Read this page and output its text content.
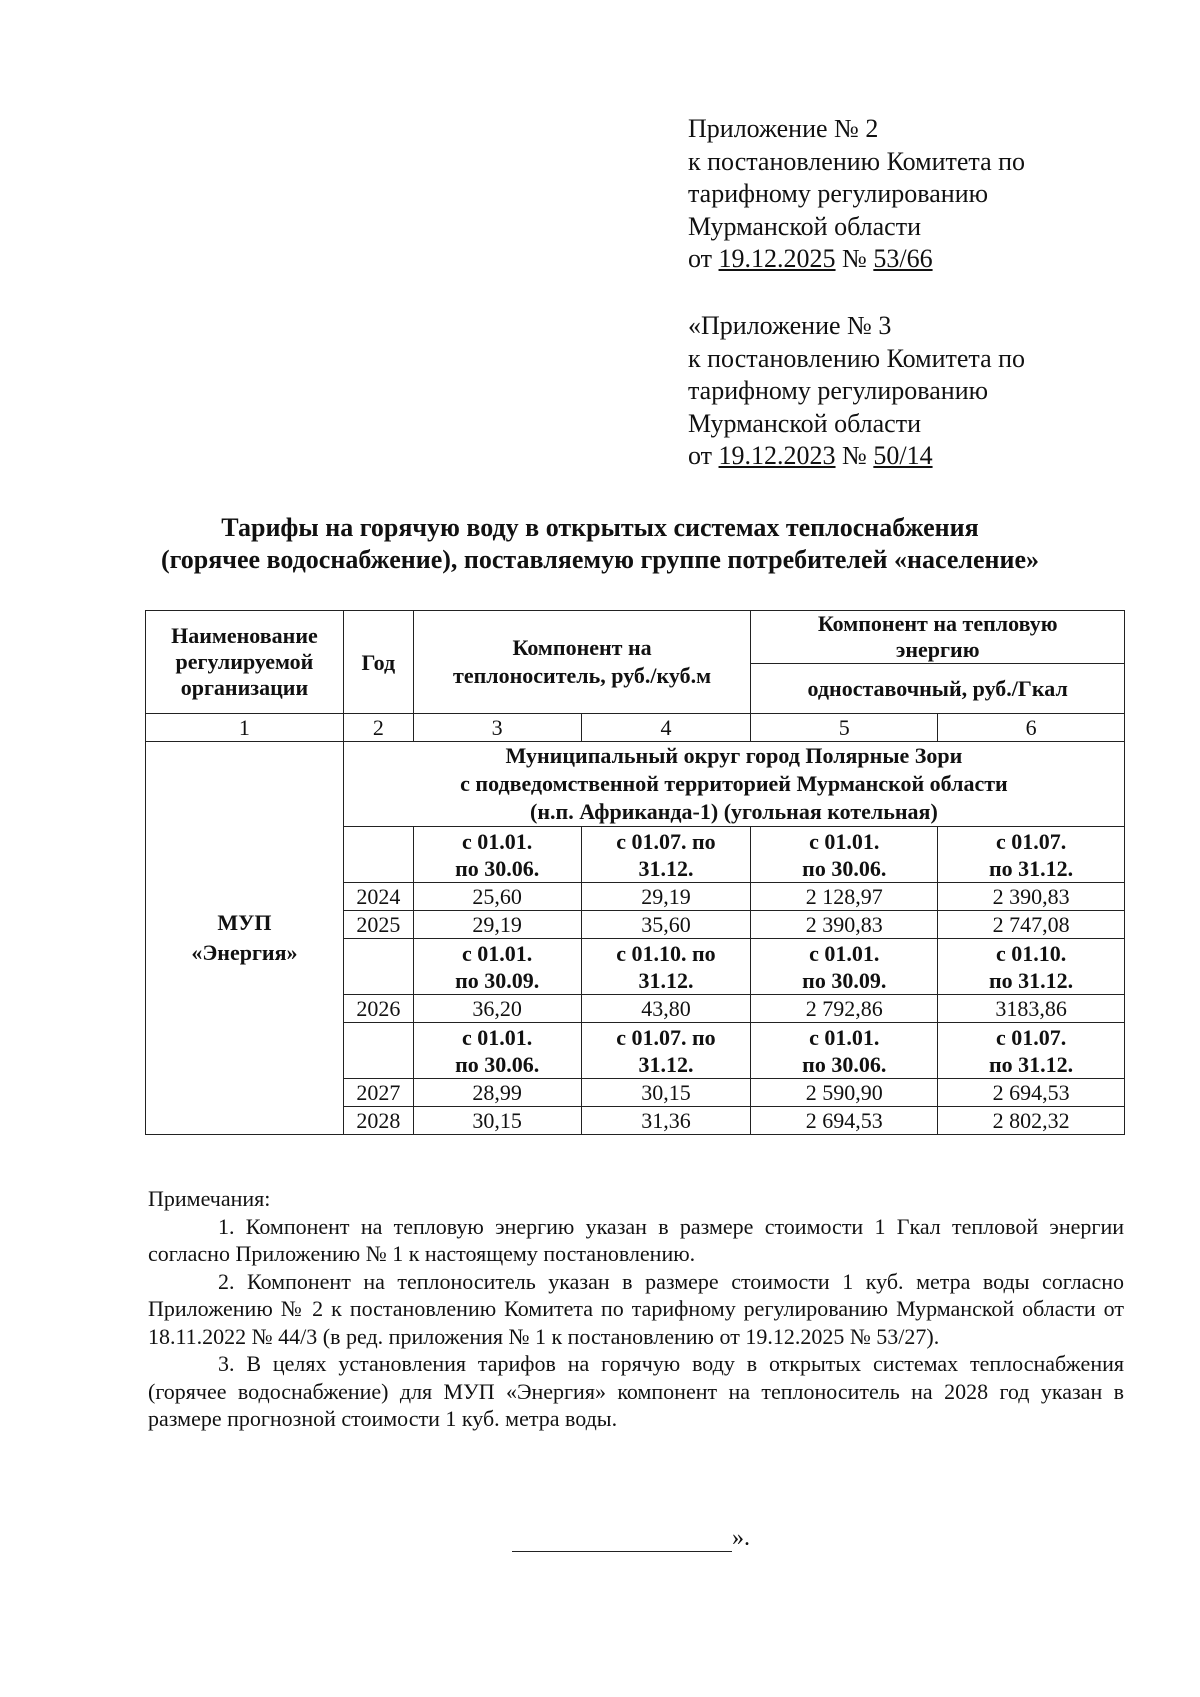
Приложение № 2
к постановлению Комитета по
тарифному регулированию
Мурманской области
от 19.12.2025 № 53/66
«Приложение № 3
к постановлению Комитета по
тарифному регулированию
Мурманской области
от 19.12.2023 № 50/14
Тарифы на горячую воду в открытых системах теплоснабжения
(горячее водоснабжение), поставляемую группе потребителей «население»
Наименование регулируемой организации	Год	Компонент на теплоноситель, руб./куб.м		Компонент на тепловую энергию	
				одноставочный, руб./Гкал	
1	2	3	4	5	6
МУП «Энергия»	Муниципальный округ город Полярные Зори
с подведомственной территорией Мурманской области
(н.п. Африканда-1) (угольная котельная)				

		с 01.01. по 30.06.	с 01.07. по 31.12.	с 01.01. по 30.06.	с 01.07. по 31.12.
	2024	25,60	29,19	2 128,97	2 390,83
	2025	29,19	35,60	2 390,83	2 747,08
		с 01.01. по 30.09.	с 01.10. по 31.12.	с 01.01. по 30.09.	с 01.10. по 31.12.
	2026	36,20	43,80	2 792,86	3183,86
		с 01.01. по 30.06.	с 01.07. по 31.12.	с 01.01. по 30.06.	с 01.07. по 31.12.
	2027	28,99	30,15	2 590,90	2 694,53
	2028	30,15	31,36	2 694,53	2 802,32

Примечания:

1. Компонент на тепловую энергию указан в размере стоимости 1 Гкал тепловой энергии согласно Приложению № 1 к настоящему постановлению.

2. Компонент на теплоноситель указан в размере стоимости 1 куб. метра воды согласно Приложению № 2 к постановлению Комитета по тарифному регулированию Мурманской области от 18.11.2022 № 44/3 (в ред. приложения № 1 к постановлению от 19.12.2025 № 53/27).

3. В целях установления тарифов на горячую воду в открытых системах теплоснабжения (горячее водоснабжение) для МУП «Энергия» компонент на теплоноситель на 2028 год указан в размере прогнозной стоимости 1 куб. метра воды.

».
